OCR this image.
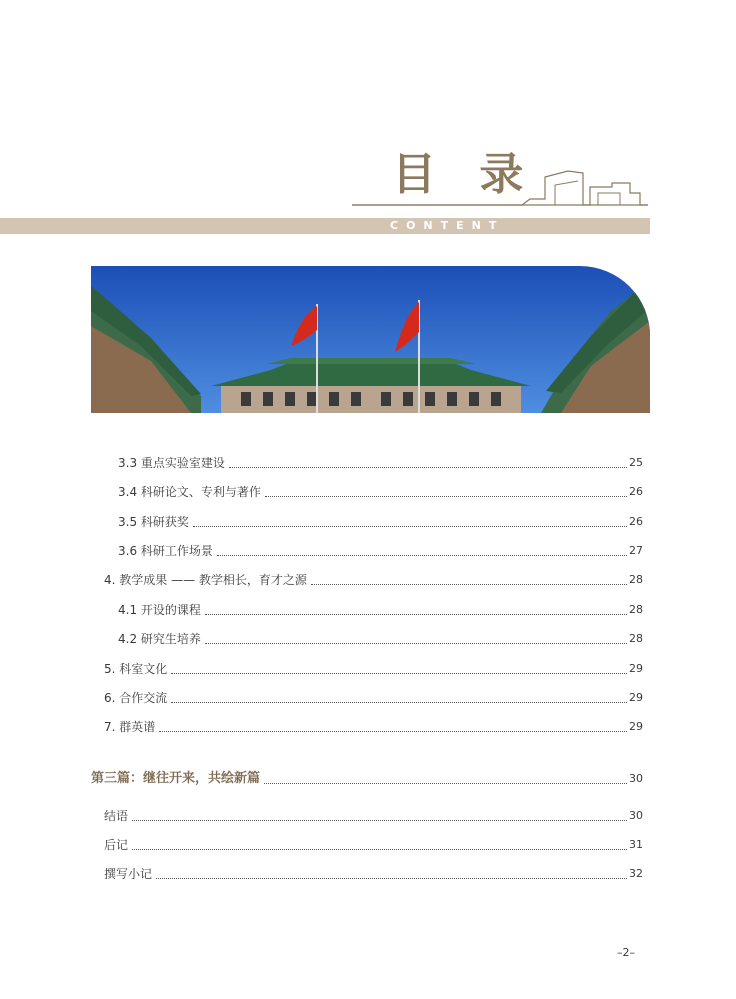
目 录
CONTENT
3.3 重点实验室建设	25
3.4 科研论文、专利与著作	26
3.5 科研获奖	26
3.6 科研工作场景	27
4. 教学成果 —— 教学相长，育才之源	28
4.1 开设的课程	28
4.2 研究生培养	28
5. 科室文化	29
6. 合作交流	29
7. 群英谱	29
第三篇：继往开来，共绘新篇	30
结语	30
后记	31
撰写小记	32
–2–
